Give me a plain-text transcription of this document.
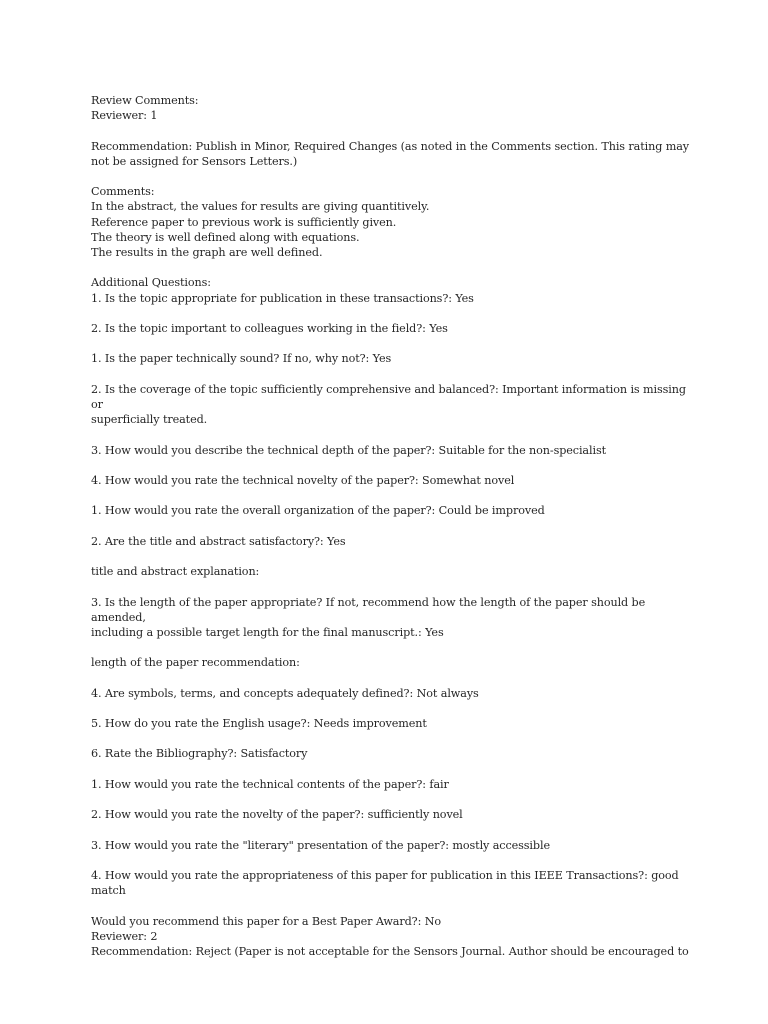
Review Comments:
Reviewer: 1
Recommendation: Publish in Minor, Required Changes (as noted in the Comments section. This rating may
not be assigned for Sensors Letters.)
Comments:
In the abstract, the values for results are giving quantitively.
Reference paper to previous work is sufficiently given.
The theory is well defined along with equations.
The results in the graph are well defined.
Additional Questions:
1. Is the topic appropriate for publication in these transactions?: Yes
2. Is the topic important to colleagues working in the field?: Yes
1. Is the paper technically sound? If no, why not?: Yes
2. Is the coverage of the topic sufficiently comprehensive and balanced?: Important information is missing or
superficially treated.
3. How would you describe the technical depth of the paper?: Suitable for the non-specialist
4. How would you rate the technical novelty of the paper?: Somewhat novel
1. How would you rate the overall organization of the paper?: Could be improved
2. Are the title and abstract satisfactory?: Yes
title and abstract explanation:
3. Is the length of the paper appropriate? If not, recommend how the length of the paper should be amended,
including a possible target length for the final manuscript.: Yes
length of the paper recommendation:
4. Are symbols, terms, and concepts adequately defined?: Not always
5. How do you rate the English usage?: Needs improvement
6. Rate the Bibliography?: Satisfactory
1. How would you rate the technical contents of the paper?: fair
2. How would you rate the novelty of the paper?: sufficiently novel
3. How would you rate the "literary" presentation of the paper?: mostly accessible
4. How would you rate the appropriateness of this paper for publication in this IEEE Transactions?: good
match
Would you recommend this paper for a Best Paper Award?: No
Reviewer: 2
Recommendation: Reject (Paper is not acceptable for the Sensors Journal. Author should be encouraged to
